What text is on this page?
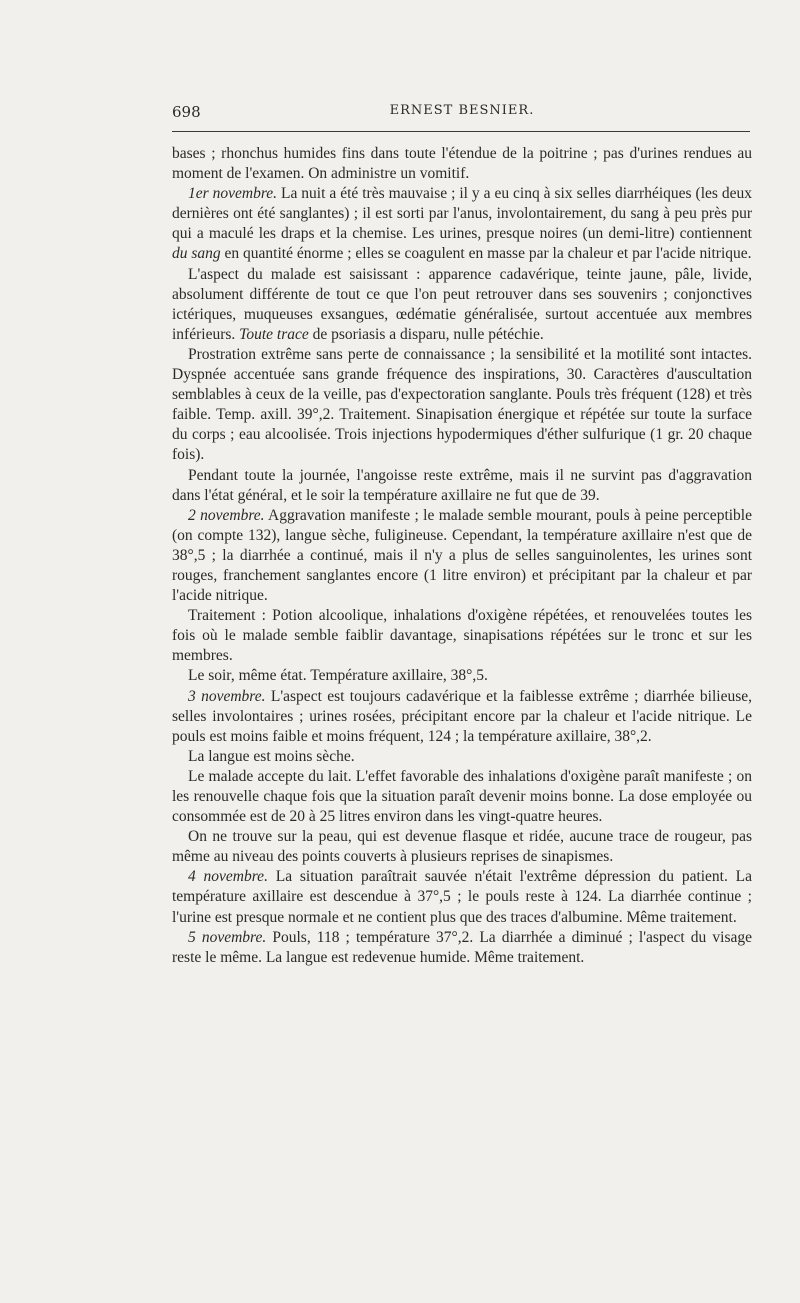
698	ERNEST BESNIER.

bases ; rhonchus humides fins dans toute l'étendue de la poitrine ; pas d'urines rendues au moment de l'examen. On administre un vomitif.

1er novembre. La nuit a été très mauvaise ; il y a eu cinq à six selles diarrhéiques (les deux dernières ont été sanglantes) ; il est sorti par l'anus, involontairement, du sang à peu près pur qui a maculé les draps et la chemise. Les urines, presque noires (un demi-litre) contiennent du sang en quantité énorme ; elles se coagulent en masse par la chaleur et par l'acide nitrique.

L'aspect du malade est saisissant : apparence cadavérique, teinte jaune, pâle, livide, absolument différente de tout ce que l'on peut retrouver dans ses souvenirs ; conjonctives ictériques, muqueuses exsangues, œdématie généralisée, surtout accentuée aux membres inférieurs. Toute trace de psoriasis a disparu, nulle pétéchie.

Prostration extrême sans perte de connaissance ; la sensibilité et la motilité sont intactes. Dyspnée accentuée sans grande fréquence des inspirations, 30. Caractères d'auscultation semblables à ceux de la veille, pas d'expectoration sanglante. Pouls très fréquent (128) et très faible. Temp. axill. 39°,2. Traitement. Sinapisation énergique et répétée sur toute la surface du corps ; eau alcoolisée. Trois injections hypodermiques d'éther sulfurique (1 gr. 20 chaque fois).

Pendant toute la journée, l'angoisse reste extrême, mais il ne survint pas d'aggravation dans l'état général, et le soir la température axillaire ne fut que de 39.

2 novembre. Aggravation manifeste ; le malade semble mourant, pouls à peine perceptible (on compte 132), langue sèche, fuligineuse. Cependant, la température axillaire n'est que de 38°,5 ; la diarrhée a continué, mais il n'y a plus de selles sanguinolentes, les urines sont rouges, franchement sanglantes encore (1 litre environ) et précipitant par la chaleur et par l'acide nitrique.

Traitement : Potion alcoolique, inhalations d'oxigène répétées, et renouvelées toutes les fois où le malade semble faiblir davantage, sinapisations répétées sur le tronc et sur les membres.

Le soir, même état. Température axillaire, 38°,5.

3 novembre. L'aspect est toujours cadavérique et la faiblesse extrême ; diarrhée bilieuse, selles involontaires ; urines rosées, précipitant encore par la chaleur et l'acide nitrique. Le pouls est moins faible et moins fréquent, 124 ; la température axillaire, 38°,2.

La langue est moins sèche.

Le malade accepte du lait. L'effet favorable des inhalations d'oxigène paraît manifeste ; on les renouvelle chaque fois que la situation paraît devenir moins bonne. La dose employée ou consommée est de 20 à 25 litres environ dans les vingt-quatre heures.

On ne trouve sur la peau, qui est devenue flasque et ridée, aucune trace de rougeur, pas même au niveau des points couverts à plusieurs reprises de sinapismes.

4 novembre. La situation paraîtrait sauvée n'était l'extrême dépression du patient. La température axillaire est descendue à 37°,5 ; le pouls reste à 124. La diarrhée continue ; l'urine est presque normale et ne contient plus que des traces d'albumine. Même traitement.

5 novembre. Pouls, 118 ; température 37°,2. La diarrhée a diminué ; l'aspect du visage reste le même. La langue est redevenue humide. Même traitement.
